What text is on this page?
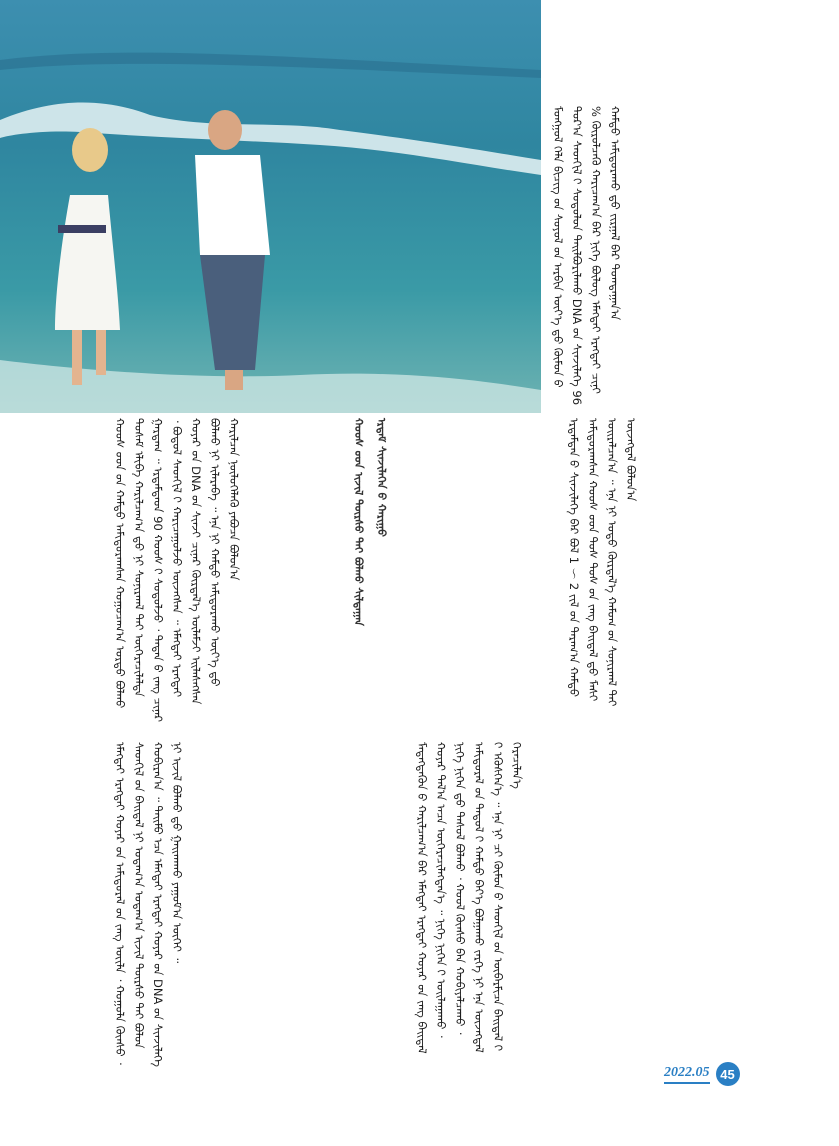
ᠮᠣᠩᠭᠣᠯ ᠬᠡᠯᠡ ᠪᠢᠴᠢᠭ ᠦ᠋ᠨ ᠰᠣᠶᠣᠯ ᠤ᠋ᠨ ᠠᠷᠪᠢᠨ ᠦᠶ᠎ᠡ ᠳ᠋ᠤ᠌ ᠬᠦᠮᠦᠨ ᠦ᠌ ᠳᠤᠷ᠎ᠠ ᠰᠡᠳᠬᠢᠯ ᠢ᠋ ᠰᠤᠳᠤᠯᠤᠨ ᠲᠠᠢᠯᠪᠤᠷᠢᠯᠠᠬᠤ DNA ᠤ᠋ᠨ ᠰᠢᠨᠵᠢᠯᠡᠭᠡ 96 % ᠬᠦᠷᠦᠯᠴᠡᠬᠦ ᠬᠠᠷᠢᠴᠠᠭ᠎ᠠ ᠪᠡᠷ ᠨᠢᠭᠡ ᠪᠦᠯᠦᠭ ᠡᠮᠡᠭᠲᠡᠢ ᠡᠷᠡᠭᠲᠡᠢ ᠴᠢᠨᠢ ᠬᠠᠮᠲᠤ ᠠᠮᠢᠳᠤᠷᠠᠬᠤ ᠳ᠋ᠤ᠌ ᠵᠢᠷᠭᠠᠯ ᠪᠡᠷ ᠲᠣᠭᠲᠠᠭᠠᠨ᠎ᠠ
ᠡᠷᠳᠡᠮᠲᠡᠨ ᠦ᠌ ᠰᠢᠨᠵᠢᠯᠡᠭᠡ ᠪᠡᠷ ᠪᠣᠯ 1 ～ 2 ᠵᠢᠯ ᠤ᠋ᠨ ᠳᠠᠷᠠᠭ᠎ᠠ ᠬᠠᠮᠲᠤ ᠠᠮᠢᠳᠤᠷᠠᠭᠰᠠᠨ ᠬᠣᠣᠰ ᠤ᠋ᠳ ᠲᠤᠰ ᠲᠤᠰ ᠤ᠋ᠨ ᠵᠠᠩ ᠪᠠᠢᠳᠠᠯ ᠳ᠋ᠤ᠌ ᠮᠠᠰᠢ ᠣᠢᠷᠠᠯᠴᠠᠨ᠎ᠠ ᠃ ᠡᠨᠡ ᠨᠢ ᠣᠳᠣ ᠬᠦᠷᠲᠡᠯ᠎ᠡ ᠬᠠᠮᠤᠭ ᠤ᠋ᠨ ᠰᠣᠨᠢᠷᠬᠠᠯ ᠲᠠᠢ ᠦᠵᠡᠭᠳᠡᠯ ᠪᠣᠯᠤᠨ᠎ᠠ
ᠬᠣᠣᠰ ᠤ᠋ᠳ ᠤ᠋ᠨ ᠬᠠᠮᠲᠤ ᠠᠮᠢᠳᠤᠷᠠᠭᠰᠠᠨ ᠬᠤᠭᠤᠴᠠᠭ᠎ᠠ ᠤᠷᠲᠤ ᠪᠣᠯᠬᠤ ᠲᠤᠰᠠᠮ ᠠ᠋ᠯᠢᠪᠠ ᠬᠠᠷᠢᠯᠴᠠᠭ᠎ᠠ ᠳ᠋ᠤ᠌ ᠨᠢ ᠰᠣᠨᠢᠷᠬᠠᠯ ᠲᠠᠢ ᠥᠭᠡᠷᠡᠴᠢᠯᠡᠯᠲᠡ ᠭᠠᠷᠳᠠᠭ ᠃ ᠡᠷᠳᠡᠮᠲᠡᠳ 90 ᠬᠣᠣᠰ ᠢ᠋ ᠰᠤᠳᠤᠯᠵᠤ ᠂ ᠲᠡᠳᠡᠨ ᠦ᠌ ᠵᠠᠩ ᠴᠢᠨᠠᠷ ᠂ ᠪᠣᠳᠣᠯ ᠰᠡᠳᠬᠢᠯ ᠢ᠋ ᠬᠠᠷᠢᠴᠠᠭᠤᠯᠵᠤ ᠦᠵᠡᠭᠰᠡᠨ ᠃ ᠡᠮᠡᠭᠲᠡᠢ ᠡᠷᠡᠭᠲᠡᠢ ᠬᠣᠶᠠᠷ ᠤ᠋ᠨ DNA ᠤ᠋ᠨ ᠰᠢᠨᠵᠢ ᠴᠢᠨᠠᠷ ᠬᠦᠷᠲᠡᠯ᠎ᠡ ᠦᠯᠡᠮᠵᠢ ᠡᠢᠯᠡᠰᠡᠭᠰᠡᠨ ᠪᠣᠯᠬᠤ ᠨᠢ ᠢᠯᠡᠷᠡᠪᠡ ᠃ ᠡᠨᠡ ᠨᠢ ᠬᠠᠮᠲᠤ ᠠᠮᠢᠳᠤᠷᠠᠬᠤ ᠦᠶ᠎ᠡ ᠳ᠋ᠤ᠌ ᠬᠠᠷᠢᠯᠴᠠᠨ ᠨᠥᠯᠦᠭᠡᠯᠡᠬᠦ ᠶᠠᠪᠤᠴᠠ ᠪᠣᠯᠤᠨ᠎ᠠ
ᠮᠡᠳᠡᠭᠳᠡᠬᠦᠨ ᠦ᠌ ᠬᠠᠷᠢᠯᠴᠠᠭ᠎ᠠ ᠪᠡᠷ ᠡᠮᠡᠭᠲᠡᠢ ᠡᠷᠡᠭᠲᠡᠢ ᠬᠣᠶᠠᠷ ᠤ᠋ᠨ ᠵᠠᠩ ᠪᠠᠢᠳᠠᠯ ᠬᠣᠶᠠᠷ ᠲᠠᠯ᠎ᠠ ᠠᠴᠠ ᠥᠭᠡᠷᠡᠴᠢᠯᠡᠭᠳᠡᠨ᠎ᠡ ᠃ ᠨᠢᠭᠡ ᠨᠢᠭᠡᠨ ᠢ᠋ ᠣᠢᠯᠠᠭᠠᠬᠤ ᠂ ᠨᠢᠭᠡ ᠨᠢᠭᠡᠨ ᠳ᠋ᠦ᠍ ᠳᠠᠰᠤᠯ ᠪᠣᠯᠬᠤ ᠂ ᠬᠣᠣᠯ ᠬᠦᠨᠰᠦ ᠪᠡᠨ ᠬᠤᠪᠢᠶᠠᠯᠴᠠᠬᠤ ᠂ ᠠᠮᠢᠳᠤᠷᠠᠯ ᠤ᠋ᠨ ᠳᠠᠳᠤᠯ ᠢ᠋ ᠬᠠᠮᠲᠤ ᠪᠡᠶ᠎ᠡ ᠪᠣᠯᠭᠠᠬᠤ ᠵᠡᠷᠭᠡ ᠨᠢ ᠡᠨᠡ ᠦᠵᠡᠭᠳᠡᠯ ᠢ᠋ ᠡᠭᠦᠰᠭᠡᠨ᠎ᠡ ᠃ ᠡᠨᠡ ᠨᠢ ᠴᠢ ᠬᠦᠮᠦᠨ ᠦ᠌ ᠰᠡᠳᠬᠢᠯ ᠤ᠋ᠨ ᠥᠪᠡᠷᠮᠢᠴᠡ ᠪᠠᠢᠳᠠᠯ ᠢ᠋ ᠭᠡᠷᠡᠴᠢᠯᠡᠨ᠎ᠡ
ᠡᠮᠡᠭᠲᠡᠢ ᠡᠷᠡᠭᠲᠡᠢ ᠬᠣᠶᠠᠷ ᠤ᠋ᠨ ᠠᠮᠢᠳᠤᠷᠠᠯ ᠤ᠋ᠨ ᠵᠠᠩ ᠦᠢᠯᠡ ᠂ ᠬᠣᠭᠣᠯᠠ ᠬᠦᠨᠰᠦ ᠂ ᠰᠡᠳᠬᠢᠯ ᠤ᠋ᠨ ᠪᠠᠢᠳᠠᠯ ᠨᠢ ᠤᠳᠠᠭ᠎ᠠ ᠤᠳᠠᠭ᠎ᠠ ᠢᠵᠢᠯ ᠳᠦᠷᠰᠦ ᠲᠠᠢ ᠪᠣᠯᠤᠨ ᠬᠤᠪᠢᠷᠠᠨ᠎ᠠ ᠃ ᠲᠡᠢᠮᠦ ᠡᠴᠡ ᠡᠮᠡᠭᠲᠡᠢ ᠡᠷᠡᠭᠲᠡᠢ ᠬᠣᠶᠠᠷ ᠤ᠋ᠨ DNA ᠤ᠋ᠨ ᠰᠢᠨᠵᠢᠯᠡᠭᠡ ᠨᠢ ᠢᠵᠢᠯ ᠪᠣᠯᠬᠤ ᠳ᠋ᠤ᠌ ᠭᠠᠢᠬᠠᠬᠤ ᠶᠠᠭᠤᠮ᠎ᠠ ᠦᠭᠡᠢ ᠃
ᠬᠣᠣᠰ ᠤ᠋ᠳ ᠢᠵᠢᠯ ᠳᠦᠷᠰᠦ ᠲᠠᠢ ᠪᠣᠯᠬᠤ ᠰᠢᠯᠳᠠᠭᠠᠨ ᠡᠷᠳᠡᠮ ᠰᠢᠨᠵᠢᠯᠡᠭᠡᠨ ᠦ᠌ ᠬᠠᠷᠢᠭᠤ
2022.05 45
